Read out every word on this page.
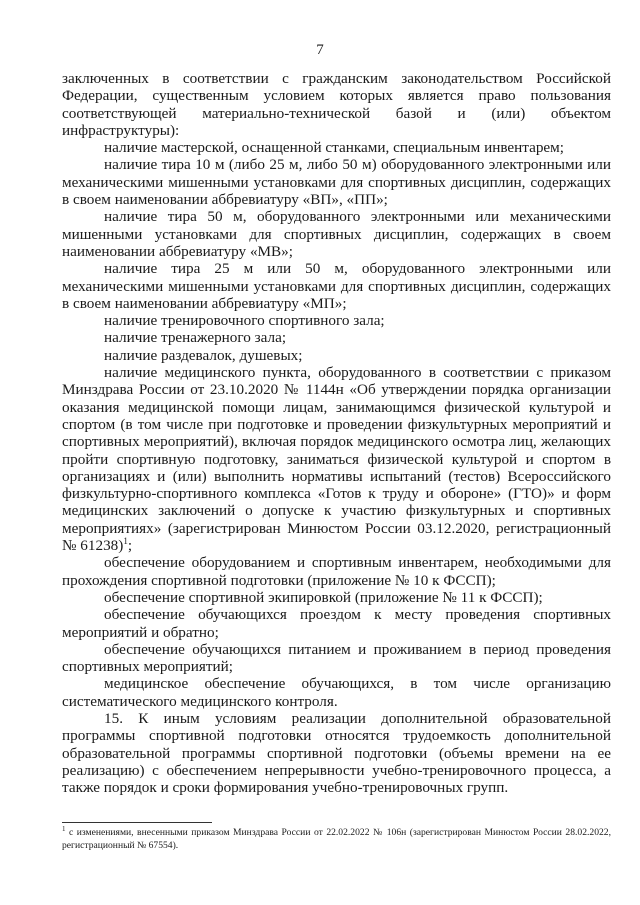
7

заключенных в соответствии с гражданским законодательством Российской Федерации, существенным условием которых является право пользования соответствующей материально-технической базой и (или) объектом инфраструктуры):

наличие мастерской, оснащенной станками, специальным инвентарем;

наличие тира 10 м (либо 25 м, либо 50 м) оборудованного электронными или механическими мишенными установками для спортивных дисциплин, содержащих в своем наименовании аббревиатуру «ВП», «ПП»;

наличие тира 50 м, оборудованного электронными или механическими мишенными установками для спортивных дисциплин, содержащих в своем наименовании аббревиатуру «МВ»;

наличие тира 25 м или 50 м, оборудованного электронными или механическими мишенными установками для спортивных дисциплин, содержащих в своем наименовании аббревиатуру «МП»;

наличие тренировочного спортивного зала;

наличие тренажерного зала;

наличие раздевалок, душевых;

наличие медицинского пункта, оборудованного в соответствии с приказом Минздрава России от 23.10.2020 № 1144н «Об утверждении порядка организации оказания медицинской помощи лицам, занимающимся физической культурой и спортом (в том числе при подготовке и проведении физкультурных мероприятий и спортивных мероприятий), включая порядок медицинского осмотра лиц, желающих пройти спортивную подготовку, заниматься физической культурой и спортом в организациях и (или) выполнить нормативы испытаний (тестов) Всероссийского физкультурно-спортивного комплекса «Готов к труду и обороне» (ГТО)» и форм медицинских заключений о допуске к участию физкультурных и спортивных мероприятиях» (зарегистрирован Минюстом России 03.12.2020, регистрационный № 61238)$^1$;

обеспечение оборудованием и спортивным инвентарем, необходимыми для прохождения спортивной подготовки (приложение № 10 к ФССП);

обеспечение спортивной экипировкой (приложение № 11 к ФССП);

обеспечение обучающихся проездом к месту проведения спортивных мероприятий и обратно;

обеспечение обучающихся питанием и проживанием в период проведения спортивных мероприятий;

медицинское обеспечение обучающихся, в том числе организацию систематического медицинского контроля.

15. К иным условиям реализации дополнительной образовательной программы спортивной подготовки относятся трудоемкость дополнительной образовательной программы спортивной подготовки (объемы времени на ее реализацию) с обеспечением непрерывности учебно-тренировочного процесса, а также порядок и сроки формирования учебно-тренировочных групп.

$^1$ с изменениями, внесенными приказом Минздрава России от 22.02.2022 № 106н (зарегистрирован Минюстом России 28.02.2022, регистрационный № 67554).
